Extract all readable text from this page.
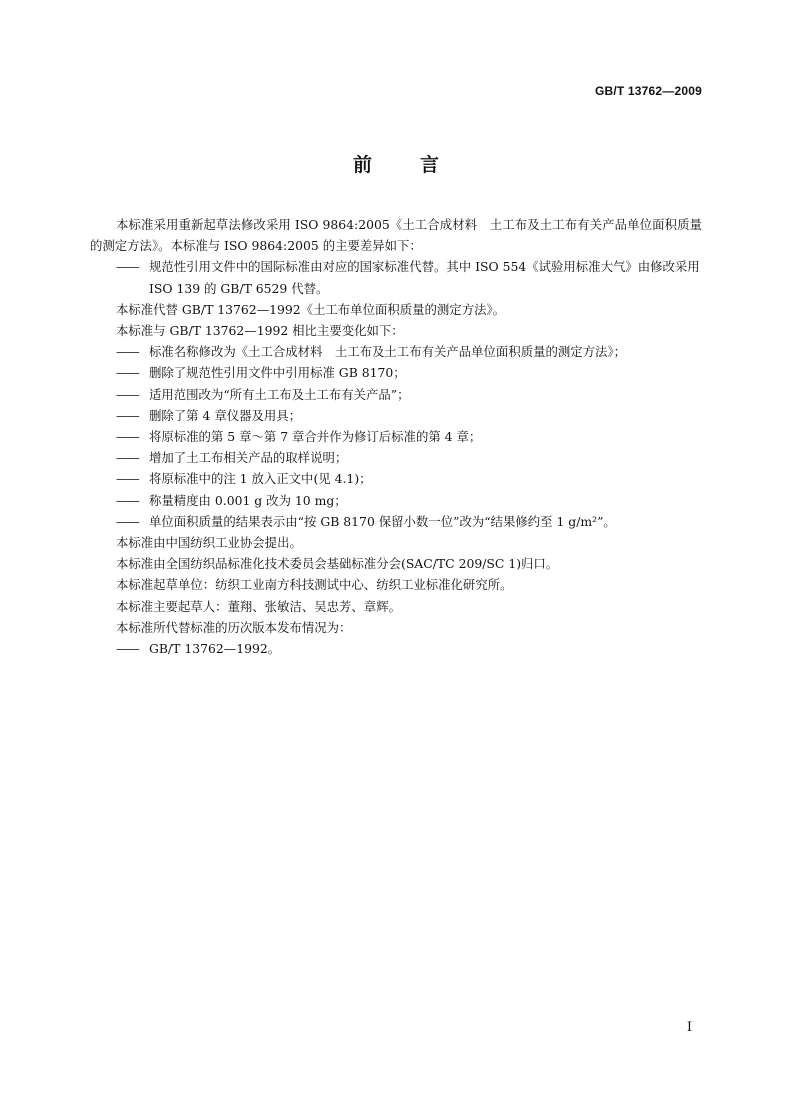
GB/T 13762—2009
前	言

本标准采用重新起草法修改采用 ISO 9864:2005《土工合成材料　土工布及土工布有关产品单位面积质量的测定方法》。本标准与 ISO 9864:2005 的主要差异如下：

—— 规范性引用文件中的国际标准由对应的国家标准代替。其中 ISO 554《试验用标准大气》由修改采用 ISO 139 的 GB/T 6529 代替。

本标准代替 GB/T 13762—1992《土工布单位面积质量的测定方法》。

本标准与 GB/T 13762—1992 相比主要变化如下：

—— 标准名称修改为《土工合成材料　土工布及土工布有关产品单位面积质量的测定方法》；

—— 删除了规范性引用文件中引用标准 GB 8170；

—— 适用范围改为“所有土工布及土工布有关产品”；

—— 删除了第 4 章仪器及用具；

—— 将原标准的第 5 章～第 7 章合并作为修订后标准的第 4 章；

—— 增加了土工布相关产品的取样说明；

—— 将原标准中的注 1 放入正文中(见 4.1)；

—— 称量精度由 0.001 g 改为 10 mg；

—— 单位面积质量的结果表示由“按 GB 8170 保留小数一位”改为“结果修约至 1 g/m²”。

本标准由中国纺织工业协会提出。

本标准由全国纺织品标准化技术委员会基础标准分会(SAC/TC 209/SC 1)归口。

本标准起草单位：纺织工业南方科技测试中心、纺织工业标准化研究所。

本标准主要起草人：董翔、张敏洁、吴忠芳、章辉。

本标准所代替标准的历次版本发布情况为：

—— GB/T 13762—1992。

I
